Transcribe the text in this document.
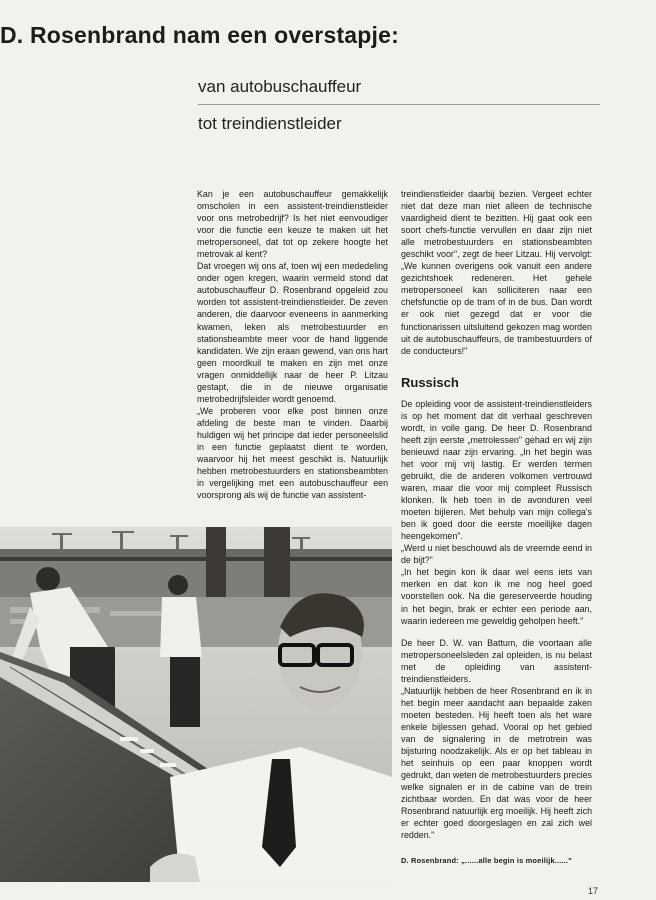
D. Rosenbrand nam een overstapje:
van autobuschauffeur
tot treindienstleider

Kan je een autobuschauffeur gemakkelijk omscholen in een assistent-treindienstleider voor ons metrobedrijf? Is het niet eenvoudiger voor die functie een keuze te maken uit het metropersoneel, dat tot op zekere hoogte het metrovak al kent?

Dat vroegen wij ons af, toen wij een mededeling onder ogen kregen, waarin vermeld stond dat autobuschauffeur D. Rosenbrand opgeleid zou worden tot assistent-treindienstleider. De zeven anderen, die daarvoor eveneens in aanmerking kwamen, leken als metrobestuurder en stationsbeambte meer voor de hand liggende kandidaten. We zijn eraan gewend, van ons hart geen moordkuil te maken en zijn met onze vragen onmiddellijk naar de heer P. Litzau gestapt, die in de nieuwe organisatie metrobedrijfsleider wordt genoemd.

„We proberen voor elke post binnen onze afdeling de beste man te vinden. Daarbij huldigen wij het principe dat ieder personeelslid in een functie geplaatst dient te worden, waarvoor hij het meest geschikt is. Natuurlijk hebben metrobestuurders en stationsbeambten in vergelijking met een autobuschauffeur een voorsprong als wij de functie van assistent-

treindienstleider daarbij bezien. Vergeet echter niet dat deze man niet alleen de technische vaardigheid dient te bezitten. Hij gaat ook een soort chefs-functie vervullen en daar zijn niet alle metrobestuurders en stationsbeambten geschikt voor", zegt de heer Litzau. Hij vervolgt: „We kunnen overigens ook vanuit een andere gezichtshoek redeneren. Het gehele metropersoneel kan solliciteren naar een chefsfunctie op de tram of in de bus. Dan wordt er ook niet gezegd dat er voor die functionarissen uitsluitend gekozen mag worden uit de autobuschauffeurs, de trambestuurders of de conducteurs!"

Russisch

De opleiding voor de assistent-treindienstleiders is op het moment dat dit verhaal geschreven wordt, in volle gang. De heer D. Rosenbrand heeft zijn eerste „metrolessen" gehad en wij zijn benieuwd naar zijn ervaring. „In het begin was het voor mij vrij lastig. Er werden termen gebruikt, die de anderen volkomen vertrouwd waren, maar die voor mij compleet Russisch klonken. Ik heb toen in de avonduren veel moeten bijleren. Met behulp van mijn collega's ben ik goed door die eerste moeilijke dagen heengekomen".

„Werd u niet beschouwd als de vreemde eend in de bijt?"

„In het begin kon ik daar wel eens iets van merken en dat kon ik me nog heel goed voorstellen ook. Na die gereserveerde houding in het begin, brak er echter een periode aan, waarin iedereen me geweldig geholpen heeft."

De heer D. W. van Battum, die voortaan alle metropersoneelsleden zal opleiden, is nu belast met de opleiding van assistent-treindienstleiders.

„Natuurlijk hebben de heer Rosenbrand en ik in het begin meer aandacht aan bepaalde zaken moeten besteden. Hij heeft toen als het ware enkele bijlessen gehad. Vooral op het gebied van de signalering in de metrotrein was bijsturing noodzakelijk. Als er op het tableau in het seinhuis op een paar knoppen wordt gedrukt, dan weten de metrobestuurders precies welke signalen er in de cabine van de trein zichtbaar worden. En dat was voor de heer Rosenbrand natuurlijk erg moeilijk. Hij heeft zich er echter goed doorgeslagen en zal zich wel redden."

D. Rosenbrand: „......alle begin is moeilijk......"

17
